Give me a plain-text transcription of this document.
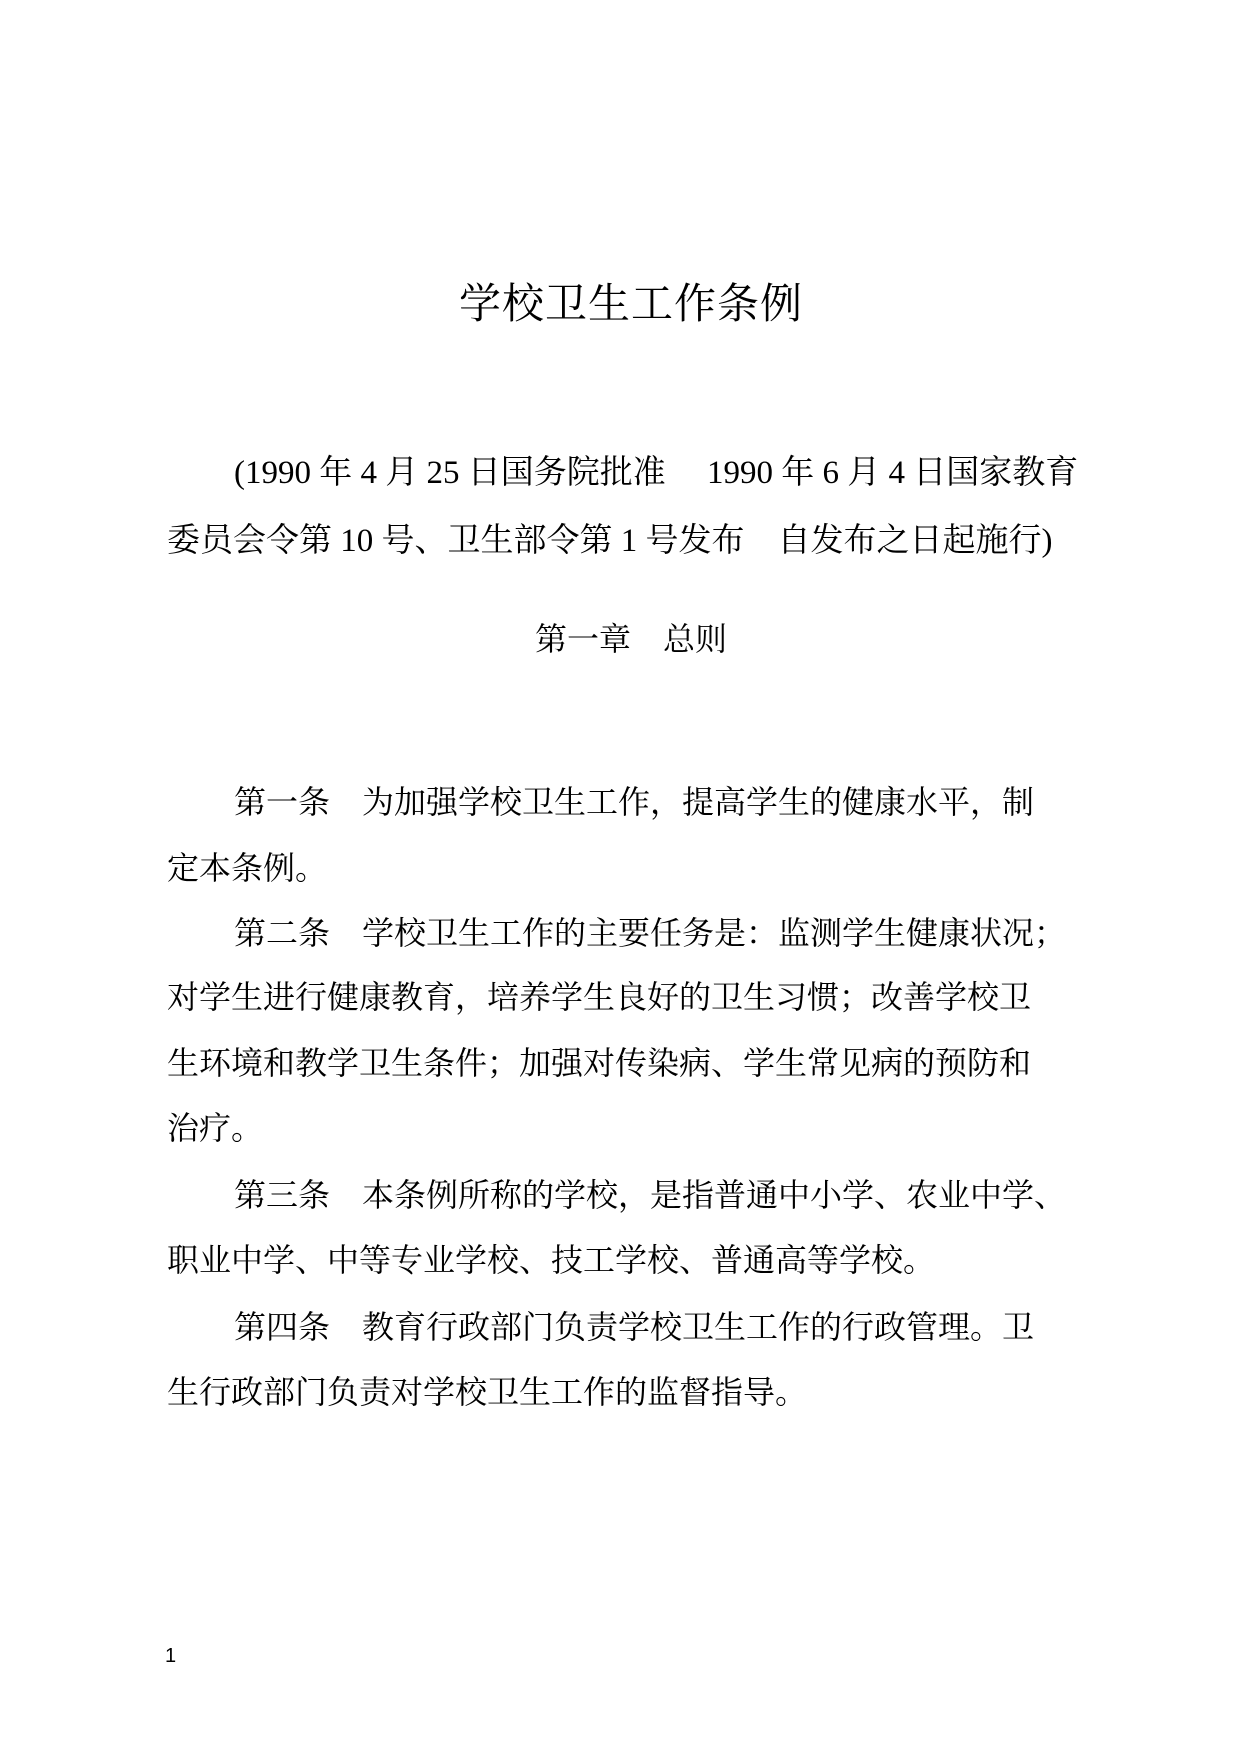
学校卫生工作条例
(1990 年 4 月 25 日国务院批准　 1990 年 6 月 4 日国家教育
委员会令第 10 号、卫生部令第 1 号发布　自发布之日起施行)
第一章　总则
第一条　为加强学校卫生工作，提高学生的健康水平，制
定本条例。
第二条　学校卫生工作的主要任务是：监测学生健康状况；
对学生进行健康教育，培养学生良好的卫生习惯；改善学校卫
生环境和教学卫生条件；加强对传染病、学生常见病的预防和
治疗。
第三条　本条例所称的学校，是指普通中小学、农业中学、
职业中学、中等专业学校、技工学校、普通高等学校。
第四条　教育行政部门负责学校卫生工作的行政管理。卫
生行政部门负责对学校卫生工作的监督指导。
1
